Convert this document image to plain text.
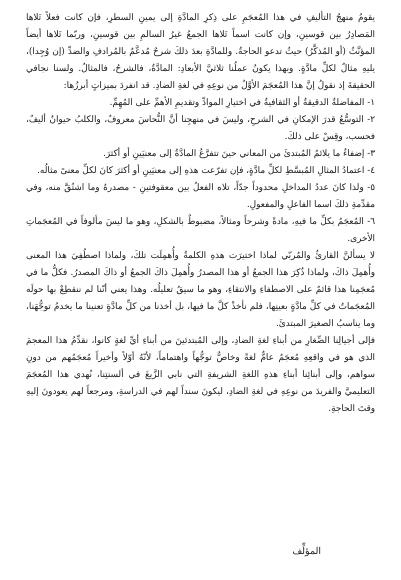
يقومُ منهجُ التأليفِ في هذا المُعجَمِ على ذِكرِ المادَّةِ إلى يمينِ السطرِ، فإن كانت فعلاً تَلاها المَصادِرُ بين قوسينِ، وإن كانت اسماً تَلاها الجمعُ غيرُ السالمِ بين قوسينِ، وربّما تَلاها أيضاً المؤنَّثُ (أو المُذكَّرُ) حيثُ تدعو الحاجةُ. وللمادَّةِ بعدَ ذلكَ شرحٌ مُدعَّمٌ بالمُرادفِ والضدِّ (إن وُجِدا)، يليهِ مثالٌ لكلِّ مادَّةٍ. وبهذا يكونُ عملُنا ثلاثيَّ الأبعادِ: المادَّةُ، فالشرحُ، فالمثالُ. ولسنا نجافي الحقيقةَ إذ نقولُ إنَّ هذا المُعجَمَ الأوَّلُ من نوعِهِ في لغةِ الضادِ. قد انفردَ بميزاتٍ أبرزُها:

١- المفاضلةُ الدقيقةُ أو الثقافيةُ في اختيارِ الموادِّ وتقديمِ الأهمِّ على المُهِمِّ.

٢- التوسُّعُ قدرَ الإمكانِ في الشرحِ، وليسَ في منهجِنا أنَّ النُّحاسَ معروفٌ، والكلبُ حيوانٌ أليفٌ، فحسب، وقِسْ على ذلكَ.

٣- إضفاءٌ ما يلائمُ المُبتدئَ من المعاني حينَ تتفرَّعُ المادَّةُ إلى معنيَينِ أو أكثرَ.

٤- اعتمادُ المثالِ المُبسَّطِ لكلِّ مادَّةٍ، فإن تفرّعت هذهِ إلى معنيَينِ أو أكثرَ كانَ لكلِّ معنىً مثالُه.

٥- ولذا كانَ عددُ المداخلِ محدوداً جدّاً، تلاه الفعلُ بين معقوفتينِ - مصدرهُ وما اشتُقَّ منه، وفي مقدِّمةِ ذلكَ اسما الفاعلِ والمفعولِ.

٦- المُعجَمُ بكلِّ ما فيهِ، مادةً وشرحاً ومثالاً، مضبوطٌ بالشكلِ، وهو ما ليسَ مألوفاً في المُعجَماتِ الأخرى.

لا يسألنَّ القارئُ والمُربّي لماذا اختيرَت هذهِ الكلمةُ وأُهمِلَت تلكَ، ولماذا اصطُفِيَ هذا المعنى وأُهمِلَ ذاكَ، ولماذا ذُكِرَ هذا الجمعُ أو هذا المصدرُ وأُهمِلَ ذاكَ الجمعُ أو ذاكَ المصدرُ. فكلُّ ما في مُعجَمِنا هذا قائمٌ على الاصطفاءِ والانتقاءِ، وهو ما سيقُ تعليلُه. وهذا يعني أنّنا لم ننقطِعْ بها حولَه المُعجَماتُ في كلِّ مادَّةٍ بعينِها، فلم نأخذْ كلَّ ما فيها، بل أخذنا من كلِّ مادَّةٍ تعنينا ما يخدمُ توجُّهَنا، وما يناسبُ الصغيرَ المبتدئَ.

فإلى أجيالِنا الصِّغارِ من أبناءِ لغةِ الضادِ، وإلى المُبتدئينَ من أبناءِ أيِّ لغةٍ كانوا، نقدِّمُ هذا المعجمَ الذي هو في واقعِهِ مُعجَمٌ عامٌّ لغةً وخاصٌّ توجُّهاً واهتماماً، لأنّهُ أوّلاً وأخيراً مُعجَمُهم من دونِ سواهم، وإلى أبنائِنا أبناءِ هذهِ اللغةِ الشريفةِ التي نابي الزَّيغَ في ألسنتِنا، نُهدي هذا المُعجَمَ التعليميَّ والفريدَ من نوعِهِ في لغةِ الضادِ، ليكونَ سنداً لهم في الدراسةِ، ومرجعاً لهم يعودونَ إليهِ وقتَ الحاجةِ.

المؤلِّف
